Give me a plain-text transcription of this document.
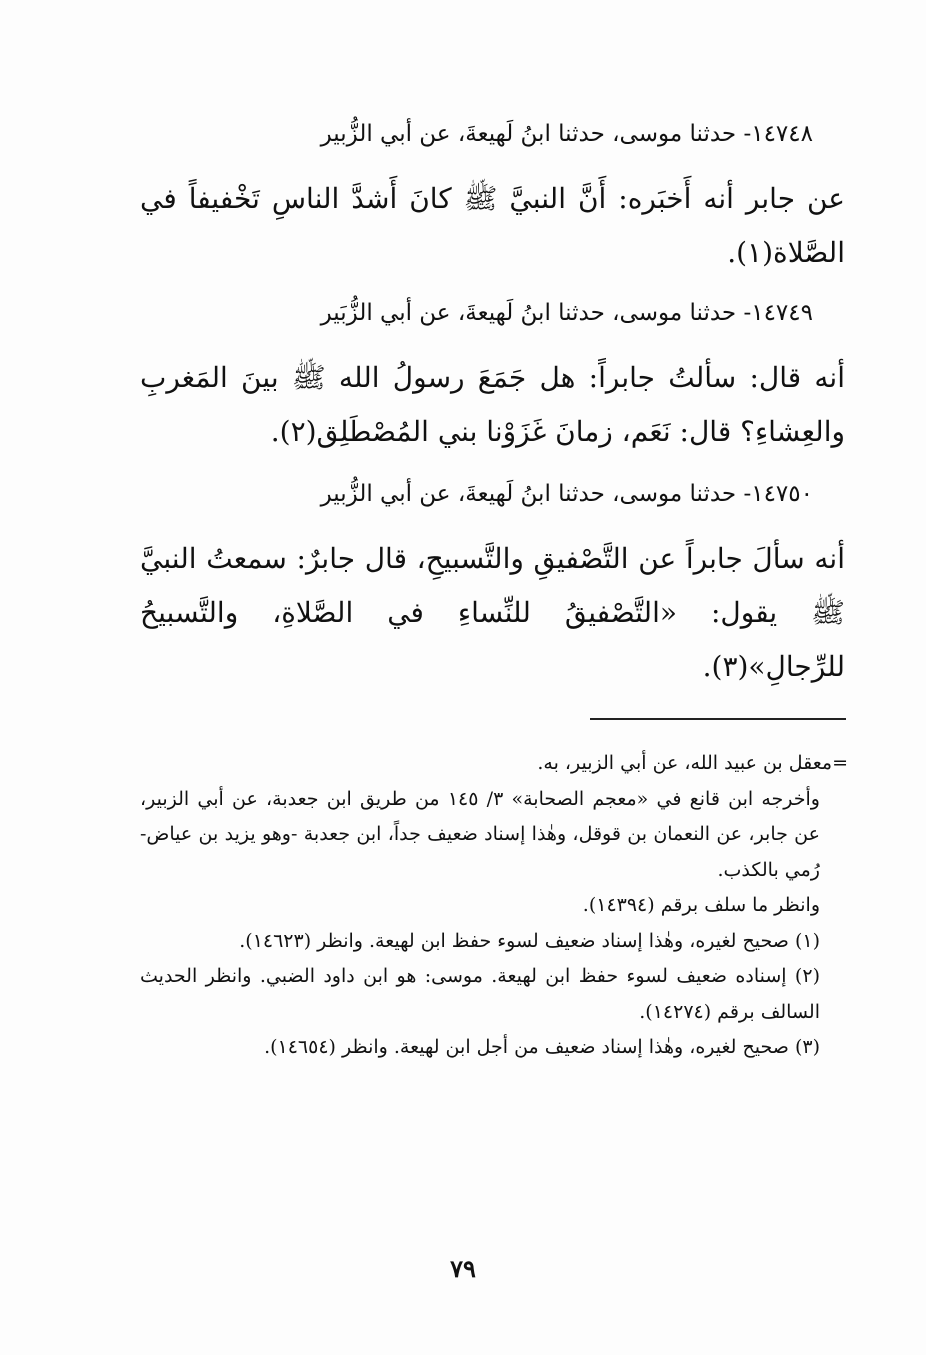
١٤٧٤٨- حدثنا موسى، حدثنا ابنُ لَهيعةَ، عن أبي الزُّبير

عن جابر أنه أَخبَره: أَنَّ النبيَّ ﷺ كانَ أَشدَّ الناسِ تَخْفيفاً في الصَّلاة(١).

١٤٧٤٩- حدثنا موسى، حدثنا ابنُ لَهيعةَ، عن أبي الزُّبَير

أنه قال: سألتُ جابراً: هل جَمَعَ رسولُ الله ﷺ بينَ المَغربِ والعِشاءِ؟ قال: نَعَم، زمانَ غَزَوْنا بني المُصْطَلِق(٢).

١٤٧٥٠- حدثنا موسى، حدثنا ابنُ لَهيعةَ، عن أبي الزُّبير

أنه سألَ جابراً عن التَّصْفيقِ والتَّسبيحِ، قال جابرٌ: سمعتُ النبيَّ ﷺ يقول: «التَّصْفيقُ للنِّساءِ في الصَّلاةِ، والتَّسبيحُ للرِّجالِ»(٣).

=معقل بن عبيد الله، عن أبي الزبير، به.

وأخرجه ابن قانع في «معجم الصحابة» ٣/ ١٤٥ من طريق ابن جعدبة، عن أبي الزبير، عن جابر، عن النعمان بن قوقل، وهٰذا إسناد ضعيف جداً، ابن جعدبة -وهو يزيد بن عياض- رُمي بالكذب.

وانظر ما سلف برقم (١٤٣٩٤).

(١) صحيح لغيره، وهٰذا إسناد ضعيف لسوء حفظ ابن لهيعة. وانظر (١٤٦٢٣).

(٢) إسناده ضعيف لسوء حفظ ابن لهيعة. موسى: هو ابن داود الضبي. وانظر الحديث السالف برقم (١٤٢٧٤).

(٣) صحيح لغيره، وهٰذا إسناد ضعيف من أجل ابن لهيعة. وانظر (١٤٦٥٤).

٧٩
